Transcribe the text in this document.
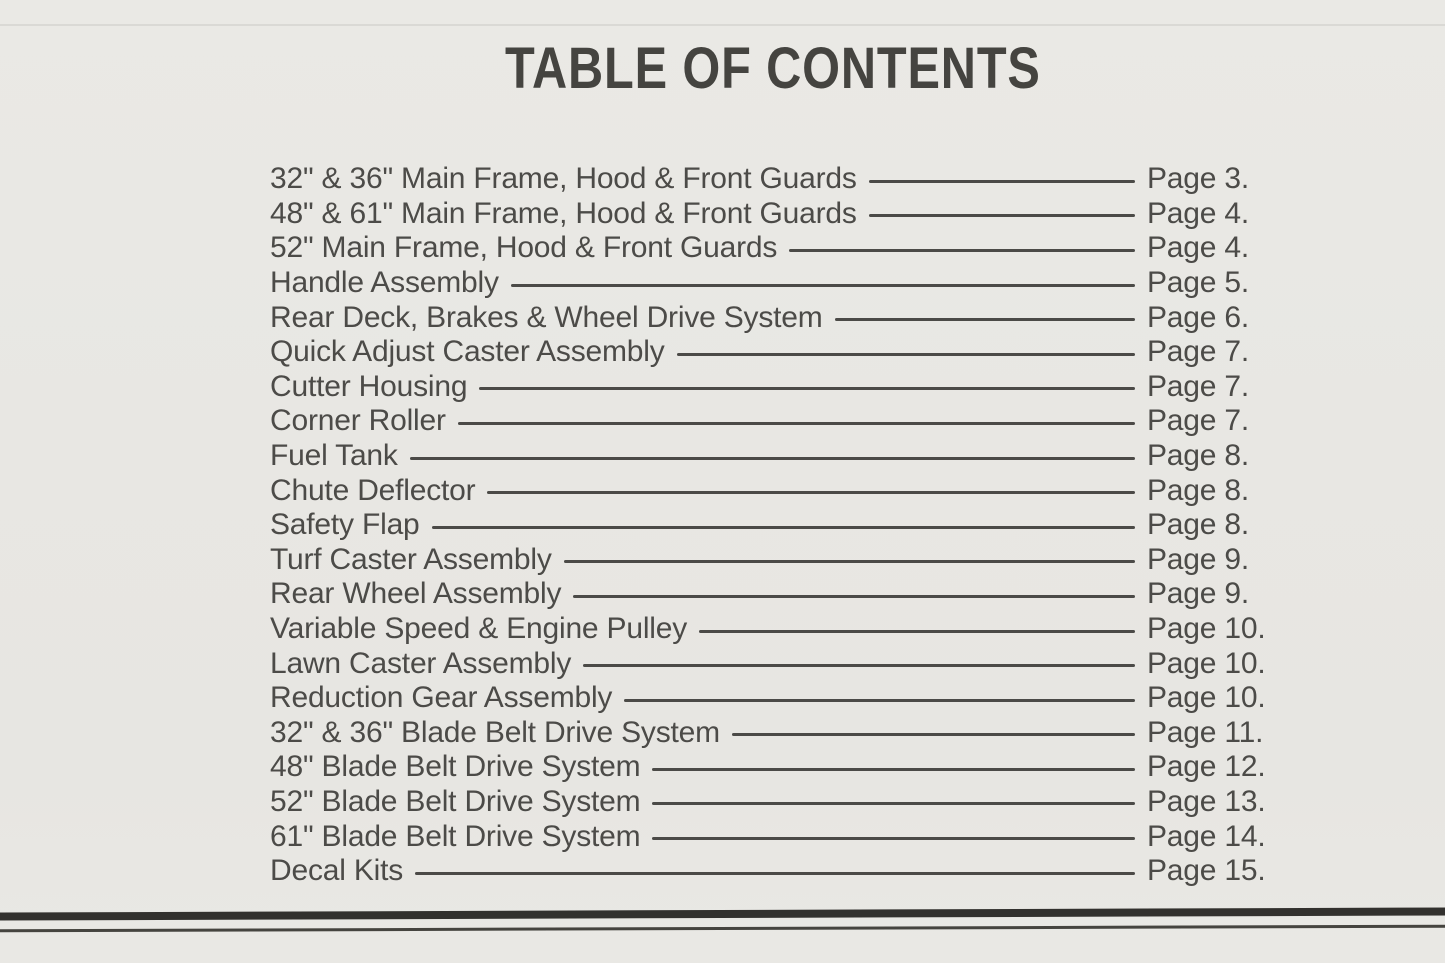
TABLE OF CONTENTS
32" & 36" Main Frame, Hood & Front Guards	Page 3.
48" & 61" Main Frame, Hood & Front Guards	Page 4.
52" Main Frame, Hood & Front Guards	Page 4.
Handle Assembly	Page 5.
Rear Deck, Brakes & Wheel Drive System	Page 6.
Quick Adjust Caster Assembly	Page 7.
Cutter Housing	Page 7.
Corner Roller	Page 7.
Fuel Tank	Page 8.
Chute Deflector	Page 8.
Safety Flap	Page 8.
Turf Caster Assembly	Page 9.
Rear Wheel Assembly	Page 9.
Variable Speed & Engine Pulley	Page 10.
Lawn Caster Assembly	Page 10.
Reduction Gear Assembly	Page 10.
32" & 36" Blade Belt Drive System	Page 11.
48" Blade Belt Drive System	Page 12.
52" Blade Belt Drive System	Page 13.
61" Blade Belt Drive System	Page 14.
Decal Kits	Page 15.
